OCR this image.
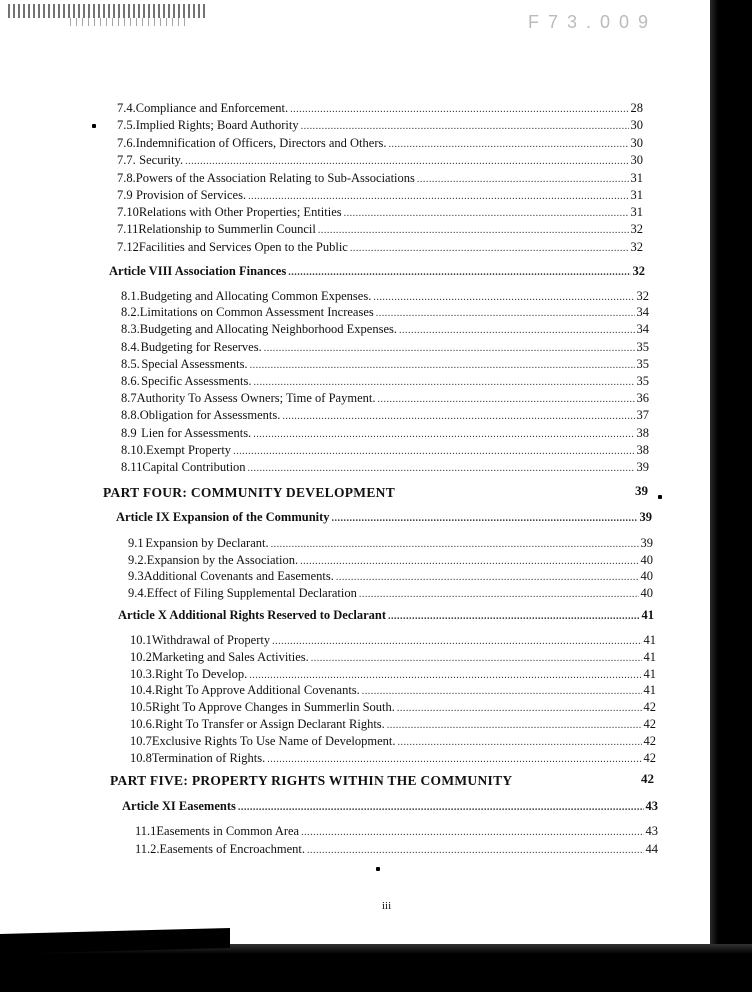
F 7 3 . 0 0 9
7.4. Compliance and Enforcement. .....	28
7.5. Implied Rights; Board Authority .....	30
7.6. Indemnification of Officers, Directors and Others. .....	30
7.7. Security. .....	30
7.8. Powers of the Association Relating to Sub-Associations .....	31
7.9 Provision of Services. .....	31
7.10 Relations with Other Properties; Entities .....	31
7.11 Relationship to Summerlin Council .....	32
7.12 Facilities and Services Open to the Public .....	32
Article VIII Association Finances .....	32
8.1. Budgeting and Allocating Common Expenses. .....	32
8.2. Limitations on Common Assessment Increases .....	34
8.3. Budgeting and Allocating Neighborhood Expenses. .....	34
8.4. Budgeting for Reserves. .....	35
8.5. Special Assessments. .....	35
8.6. Specific Assessments. .....	35
8.7 Authority To Assess Owners; Time of Payment. .....	36
8.8. Obligation for Assessments. .....	37
8.9 Lien for Assessments. .....	38
8.10. Exempt Property .....	38
8.11 Capital Contribution .....	39
PART FOUR: COMMUNITY DEVELOPMENT	39
Article IX Expansion of the Community .....	39
9.1 Expansion by Declarant. .....	39
9.2. Expansion by the Association. .....	40
9.3 Additional Covenants and Easements. .....	40
9.4. Effect of Filing Supplemental Declaration .....	40
Article X Additional Rights Reserved to Declarant .....	41
10.1 Withdrawal of Property .....	41
10.2 Marketing and Sales Activities. .....	41
10.3. Right To Develop. .....	41
10.4. Right To Approve Additional Covenants. .....	41
10.5 Right To Approve Changes in Summerlin South. .....	42
10.6. Right To Transfer or Assign Declarant Rights. .....	42
10.7 Exclusive Rights To Use Name of Development. .....	42
10.8 Termination of Rights. .....	42
PART FIVE: PROPERTY RIGHTS WITHIN THE COMMUNITY	42
Article XI Easements .....	43
11.1 Easements in Common Area .....	43
11.2. Easements of Encroachment. .....	44
iii
